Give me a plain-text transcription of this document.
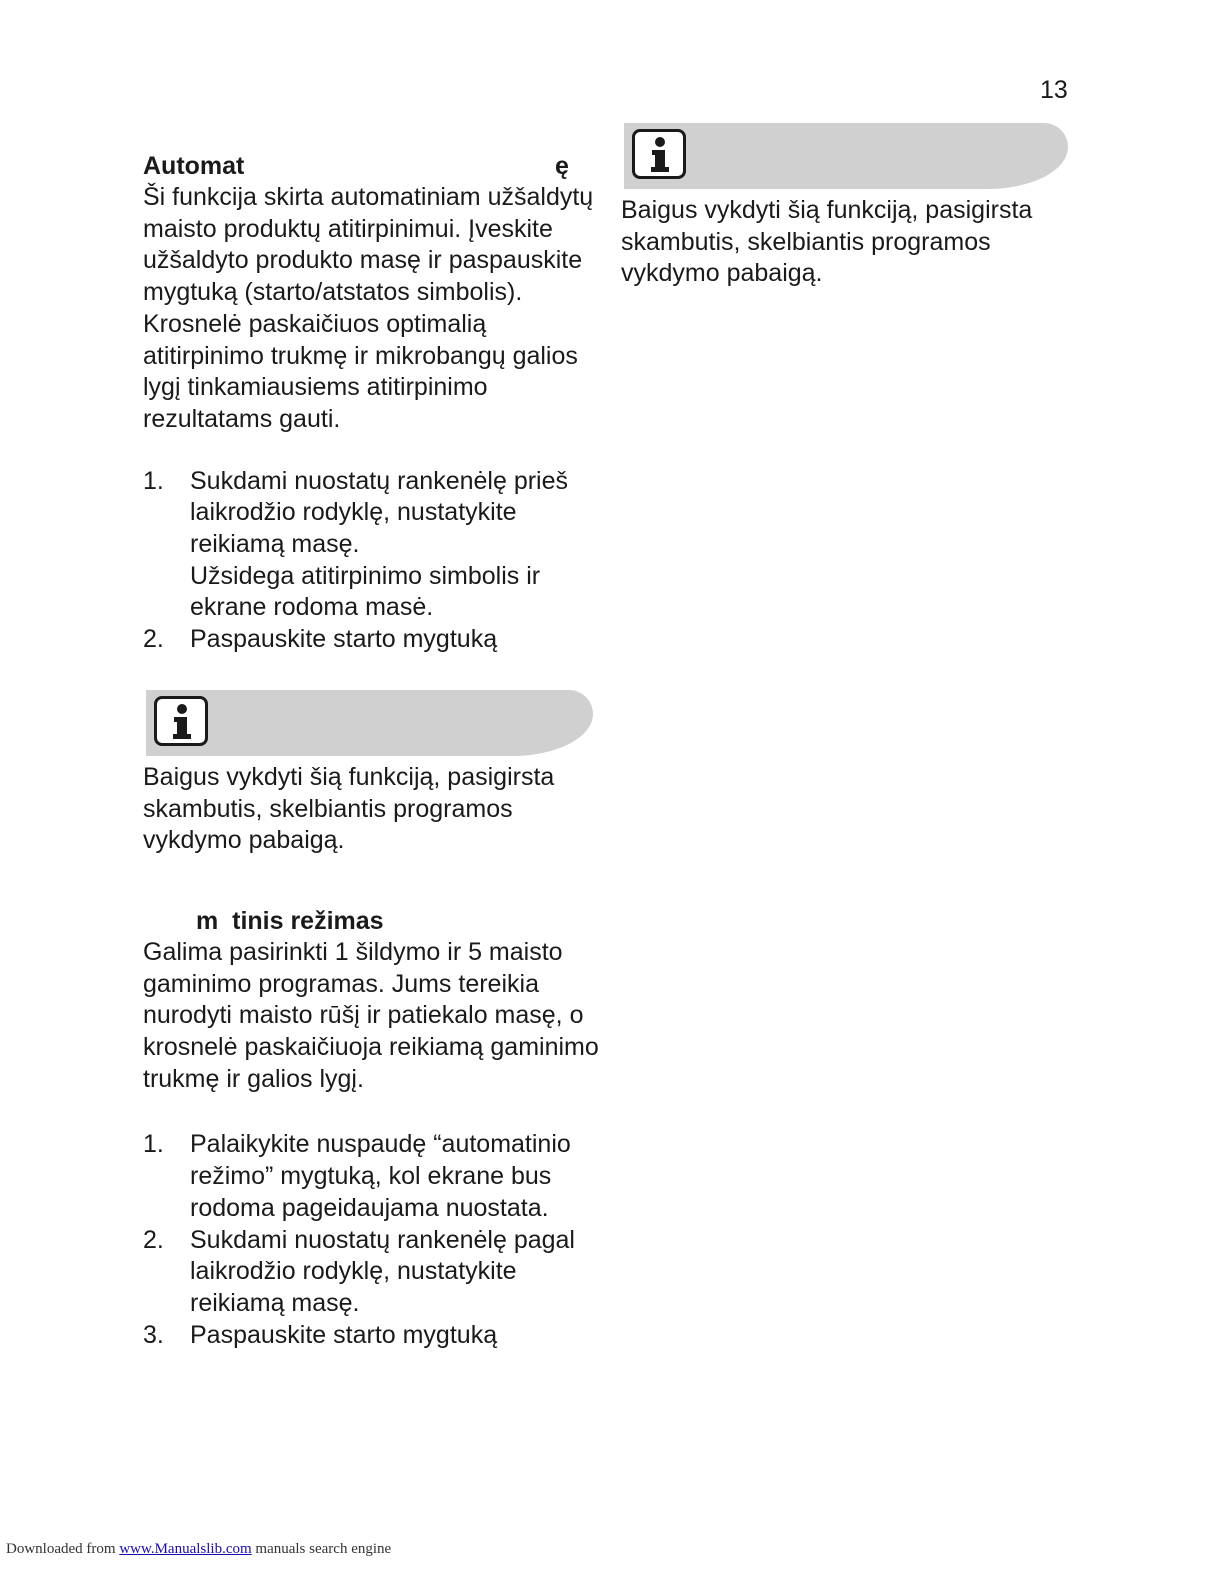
13
Automat	ę

Ši funkcija skirta automatiniam užšaldytų maisto produktų atitirpinimui. Įveskite užšaldyto produkto masę ir paspauskite mygtuką (starto/atstatos simbolis). Krosnelė paskaičiuos optimalią atitirpinimo trukmę ir mikrobangų galios lygį tinkamiausiems atitirpinimo rezultatams gauti.

1. Sukdami nuostatų rankenėlę prieš laikrodžio rodyklę, nustatykite reikiamą masę.
Užsidega atitirpinimo simbolis ir ekrane rodoma masė.
2. Paspauskite starto mygtuką

Baigus vykdyti šią funkciją, pasigirsta skambutis, skelbiantis programos vykdymo pabaigą.

m  tinis režimas

Galima pasirinkti 1 šildymo ir 5 maisto gaminimo programas. Jums tereikia nurodyti maisto rūšį ir patiekalo masę, o krosnelė paskaičiuoja reikiamą gaminimo trukmę ir galios lygį.

1. Palaikykite nuspaudę “automatinio režimo” mygtuką, kol ekrane bus rodoma pageidaujama nuostata.
2. Sukdami nuostatų rankenėlę pagal laikrodžio rodyklę, nustatykite reikiamą masę.
3. Paspauskite starto mygtuką

Baigus vykdyti šią funkciją, pasigirsta skambutis, skelbiantis programos vykdymo pabaigą.

Downloaded from www.Manualslib.com manuals search engine
